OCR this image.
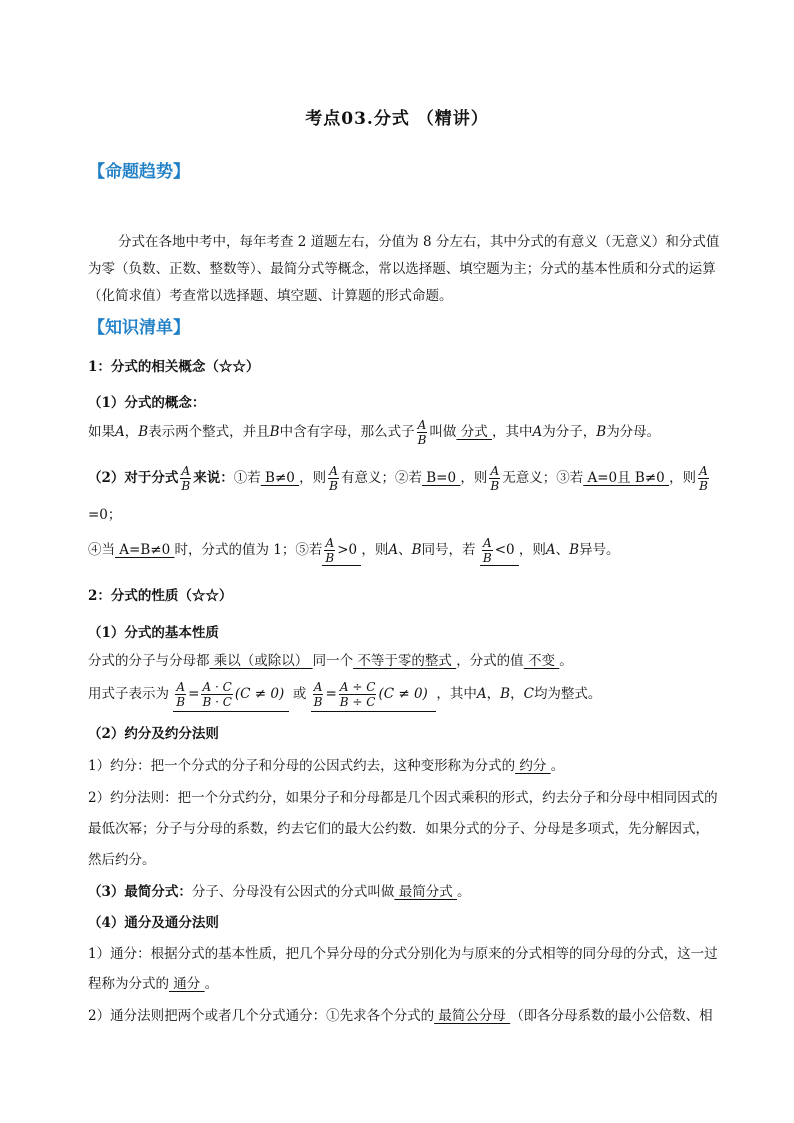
考点03.分式 （精讲）
【命题趋势】
分式在各地中考中，每年考查 2 道题左右，分值为 8 分左右，其中分式的有意义（无意义）和分式值
为零（负数、正数、整数等）、最简分式等概念，常以选择题、填空题为主；分式的基本性质和分式的运算
（化简求值）考查常以选择题、填空题、计算题的形式命题。
【知识清单】
1：分式的相关概念（☆☆）
（1）分式的概念：
如果A，B表示两个整式，并且B中含有字母，那么式子 $\frac{A}{B}$ 叫做 分式 ，其中A为分子，B为分母。
（2）对于分式 $\frac{A}{B}$ 来说：①若 B≠0 ，则 $\frac{A}{B}$ 有意义；②若 B=0 ，则 $\frac{A}{B}$ 无意义；③若 A=0且 B≠0 ，则 $\frac{A}{B}$
=0；
④当 A=B≠0 时，分式的值为 1；⑤若 $\frac{A}{B} >0$ ，则A、B同号，若 $\frac{A}{B} <0$ ，则A、B异号。
2：分式的性质（☆☆）
（1）分式的基本性质
分式的分子与分母都 乘以（或除以） 同一个 不等于零的整式 ，分式的值 不变 。
用式子表示为 $\frac{A}{B} = \frac{A \cdot C}{B \cdot C} (C \ne 0)$ 或 $\frac{A}{B} = \frac{A \div C}{B \div C} (C \ne 0)$ ，其中A，B，C均为整式。
（2）约分及约分法则
1）约分：把一个分式的分子和分母的公因式约去，这种变形称为分式的 约分 。
2）约分法则：把一个分式约分，如果分子和分母都是几个因式乘积的形式，约去分子和分母中相同因式的
最低次幂；分子与分母的系数，约去它们的最大公约数．如果分式的分子、分母是多项式，先分解因式，
然后约分。
（3）最简分式：分子、分母没有公因式的分式叫做 最简分式 。
（4）通分及通分法则
1）通分：根据分式的基本性质，把几个异分母的分式分别化为与原来的分式相等的同分母的分式，这一过
程称为分式的 通分 。
2）通分法则把两个或者几个分式通分：①先求各个分式的 最简公分母 （即各分母系数的最小公倍数、相
